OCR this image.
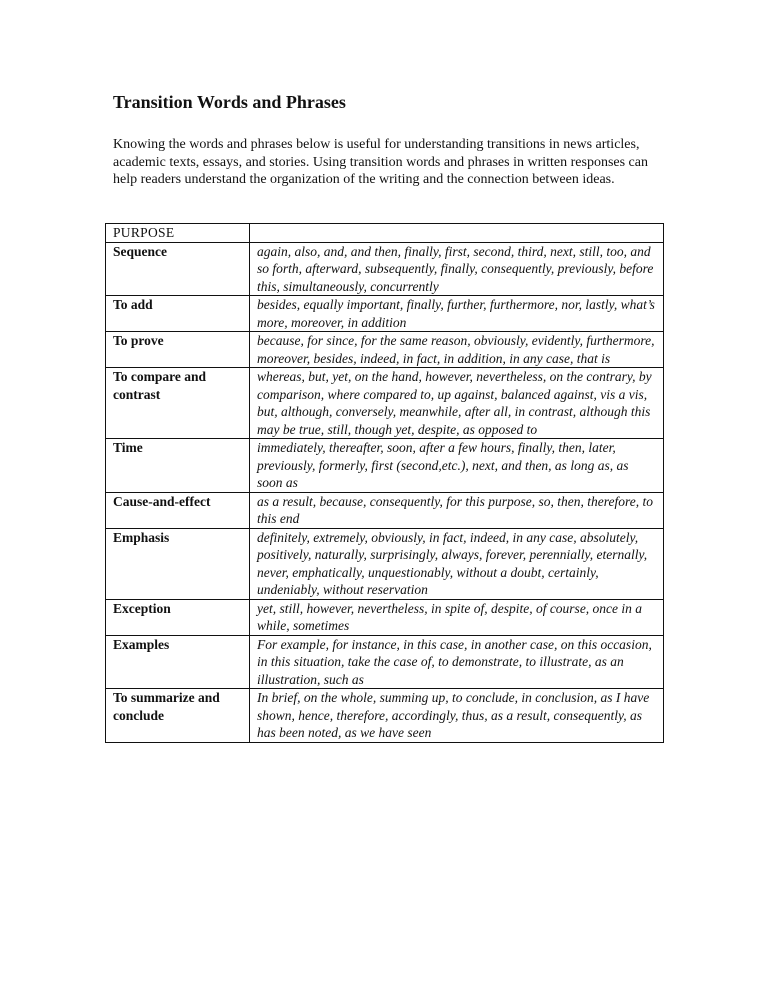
Transition Words and Phrases

Knowing the words and phrases below is useful for understanding transitions in news articles, academic texts, essays, and stories. Using transition words and phrases in written responses can help readers understand the organization of the writing and the connection between ideas.

PURPOSE	
Sequence	again, also, and, and then, finally, first, second, third, next, still, too, and so forth, afterward, subsequently, finally, consequently, previously, before this, simultaneously, concurrently
To add	besides, equally important, finally, further, furthermore, nor, lastly, what’s more, moreover, in addition
To prove	because, for since, for the same reason, obviously, evidently, furthermore, moreover, besides, indeed, in fact, in addition, in any case, that is
To compare and contrast	whereas, but, yet, on the hand, however, nevertheless, on the contrary, by comparison, where compared to, up against, balanced against, vis a vis, but, although, conversely, meanwhile, after all, in contrast, although this may be true, still, though yet, despite, as opposed to
Time	immediately, thereafter, soon, after a few hours, finally, then, later, previously, formerly, first (second,etc.), next, and then, as long as, as soon as
Cause-and-effect	as a result, because, consequently, for this purpose, so, then, therefore, to this end
Emphasis	definitely, extremely, obviously, in fact, indeed, in any case, absolutely, positively, naturally, surprisingly, always, forever, perennially, eternally, never, emphatically, unquestionably, without a doubt, certainly, undeniably, without reservation
Exception	yet, still, however, nevertheless, in spite of, despite, of course, once in a while, sometimes
Examples	For example, for instance, in this case, in another case, on this occasion, in this situation, take the case of, to demonstrate, to illustrate, as an illustration, such as
To summarize and conclude	In brief, on the whole, summing up, to conclude, in conclusion, as I have shown, hence, therefore, accordingly, thus, as a result, consequently, as has been noted, as we have seen
